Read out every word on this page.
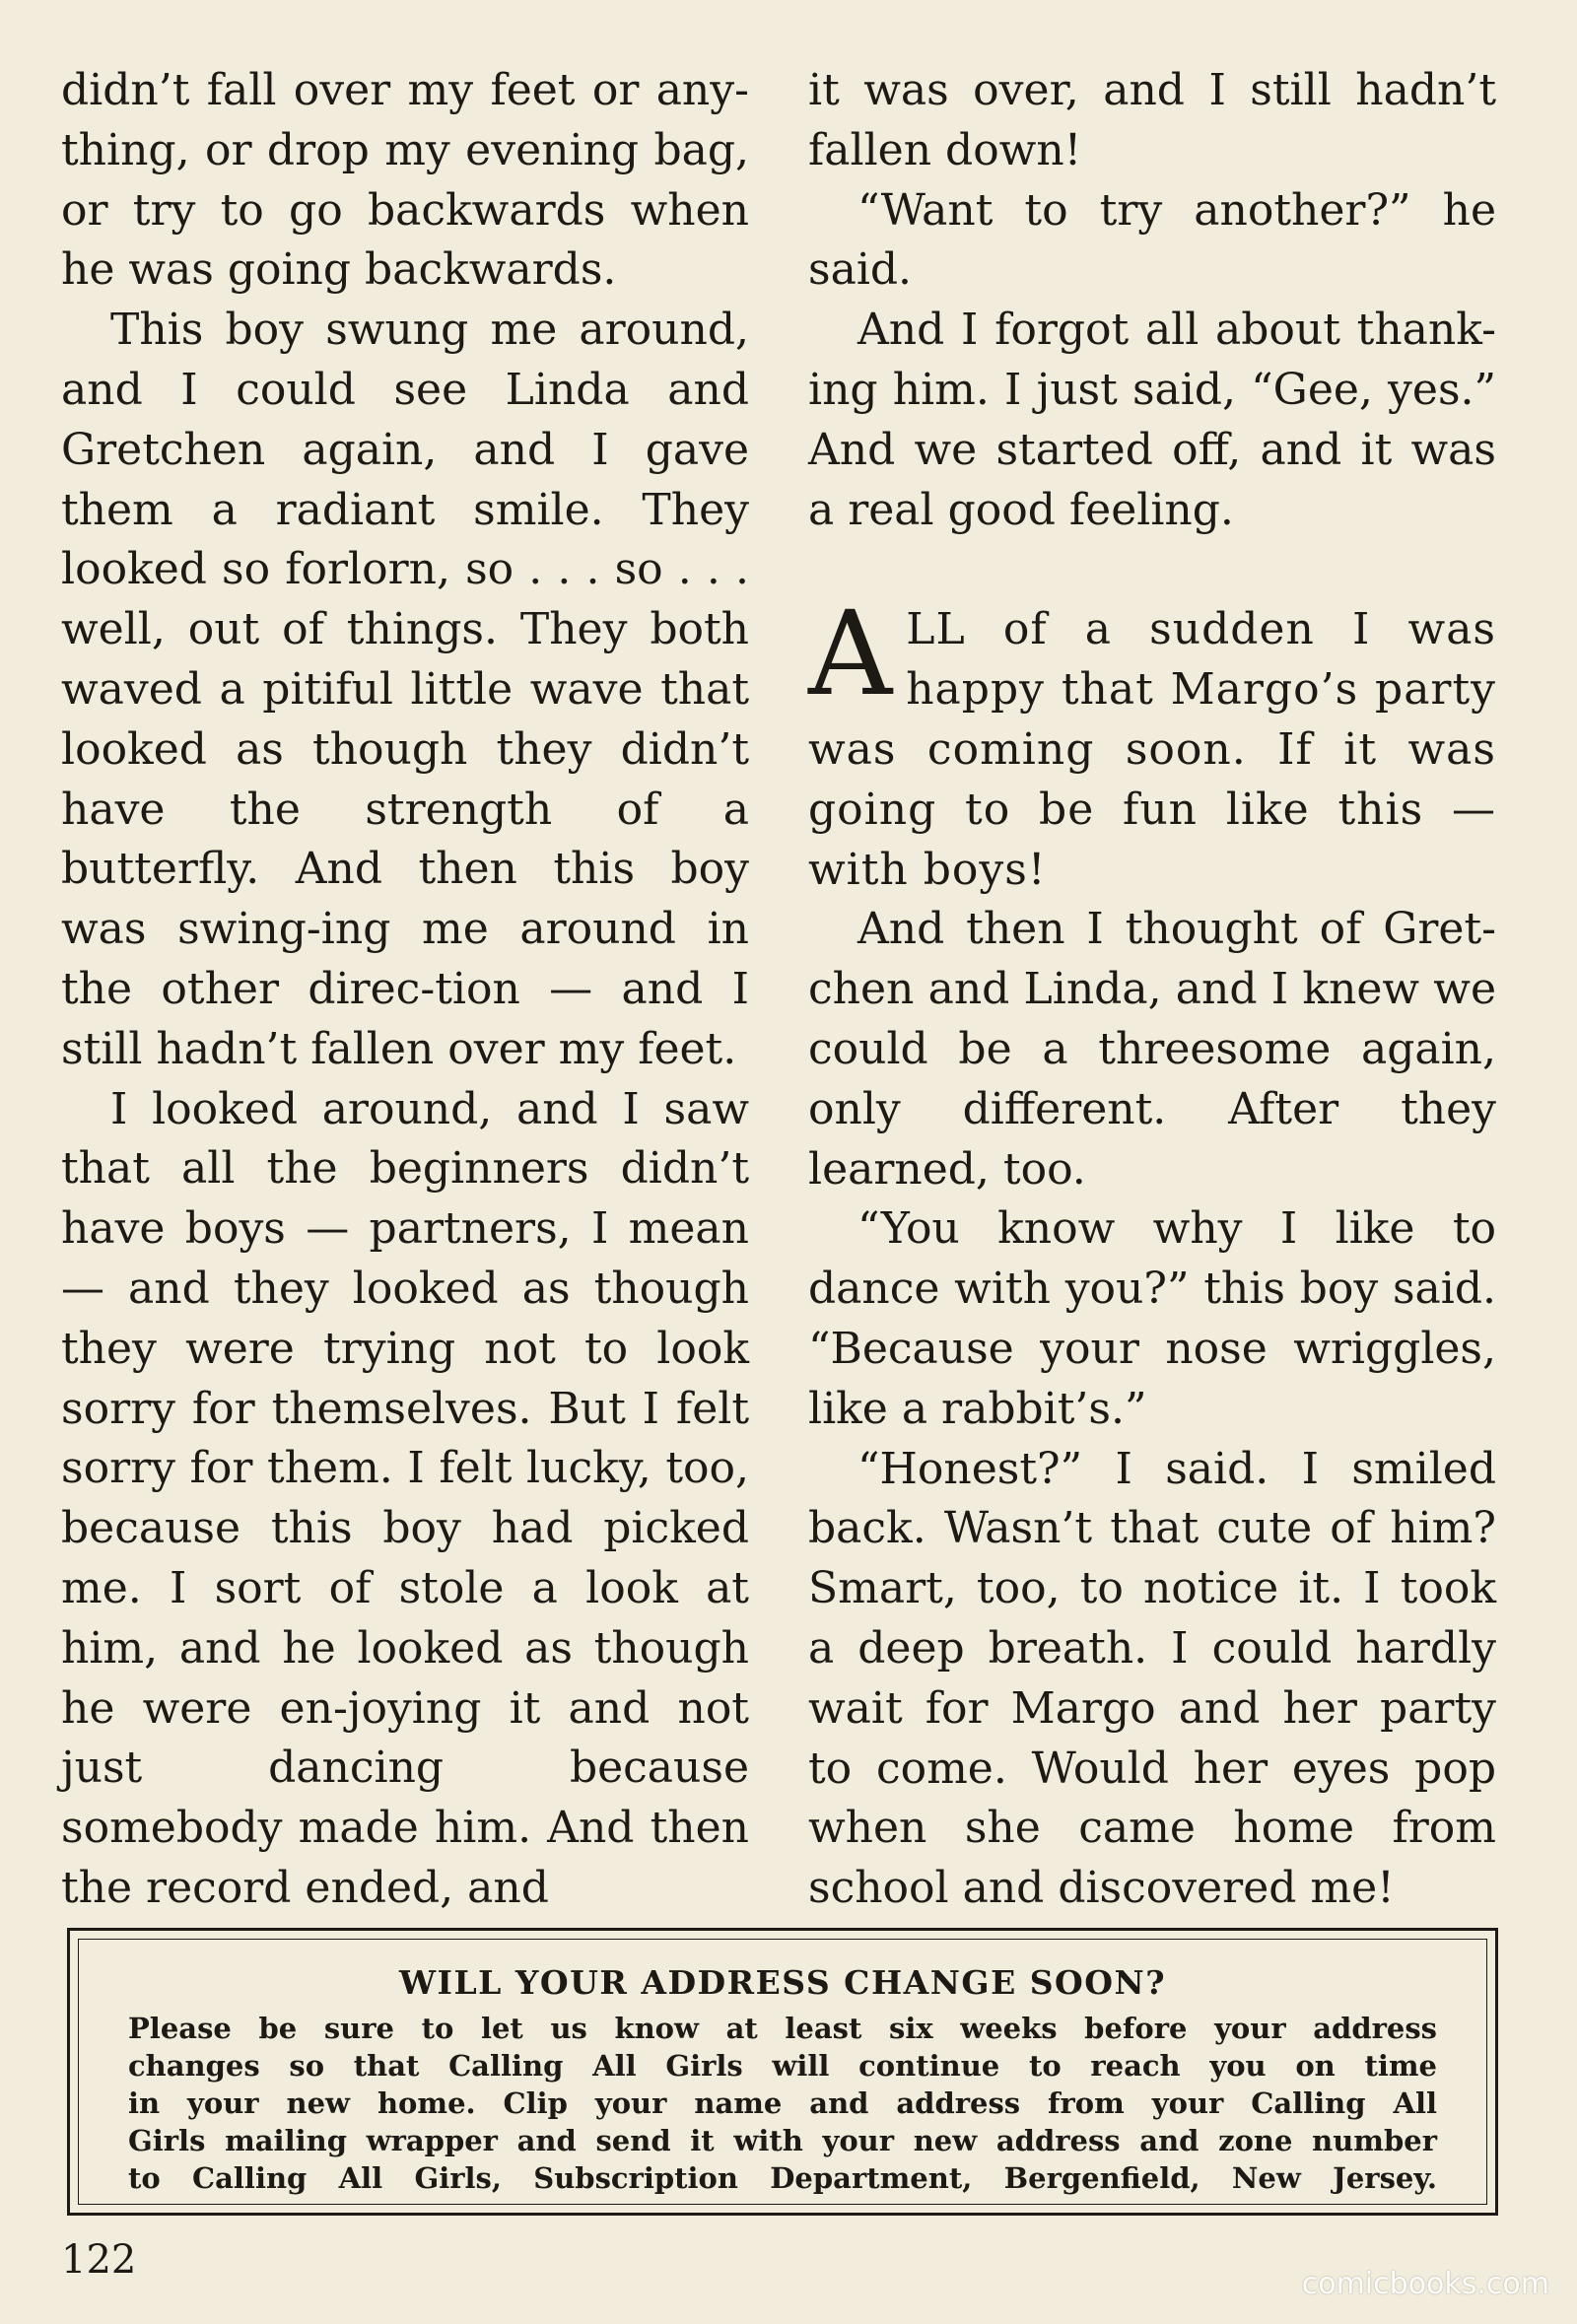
didn’t fall over my feet or any-thing, or drop my evening bag, or try to go backwards when he was going backwards.

This boy swung me around, and I could see Linda and Gretchen again, and I gave them a radiant smile. They looked so forlorn, so . . . so . . . well, out of things. They both waved a pitiful little wave that looked as though they didn’t have the strength of a butterfly. And then this boy was swing-ing me around in the other direc-tion — and I still hadn’t fallen over my feet.

I looked around, and I saw that all the beginners didn’t have boys — partners, I mean — and they looked as though they were trying not to look sorry for themselves. But I felt sorry for them. I felt lucky, too, because this boy had picked me. I sort of stole a look at him, and he looked as though he were en-joying it and not just dancing because somebody made him. And then the record ended, and

it was over, and I still hadn’t fallen down!

“Want to try another?” he said.

And I forgot all about thank-ing him. I just said, “Gee, yes.” And we started off, and it was a real good feeling.

ALL of a sudden I was happy that Margo’s party was coming soon. If it was going to be fun like this — with boys!

And then I thought of Gret-chen and Linda, and I knew we could be a threesome again, only different. After they learned, too.

“You know why I like to dance with you?” this boy said. “Because your nose wriggles, like a rabbit’s.”

“Honest?” I said. I smiled back. Wasn’t that cute of him? Smart, too, to notice it. I took a deep breath. I could hardly wait for Margo and her party to come. Would her eyes pop when she came home from school and discovered me!

WILL YOUR ADDRESS CHANGE SOON?

Please be sure to let us know at least six weeks before your address
changes so that Calling All Girls will continue to reach you on time
in your new home. Clip your name and address from your Calling All
Girls mailing wrapper and send it with your new address and zone number
to Calling All Girls, Subscription Department, Bergenfield, New Jersey.

122
comicbooks.com
